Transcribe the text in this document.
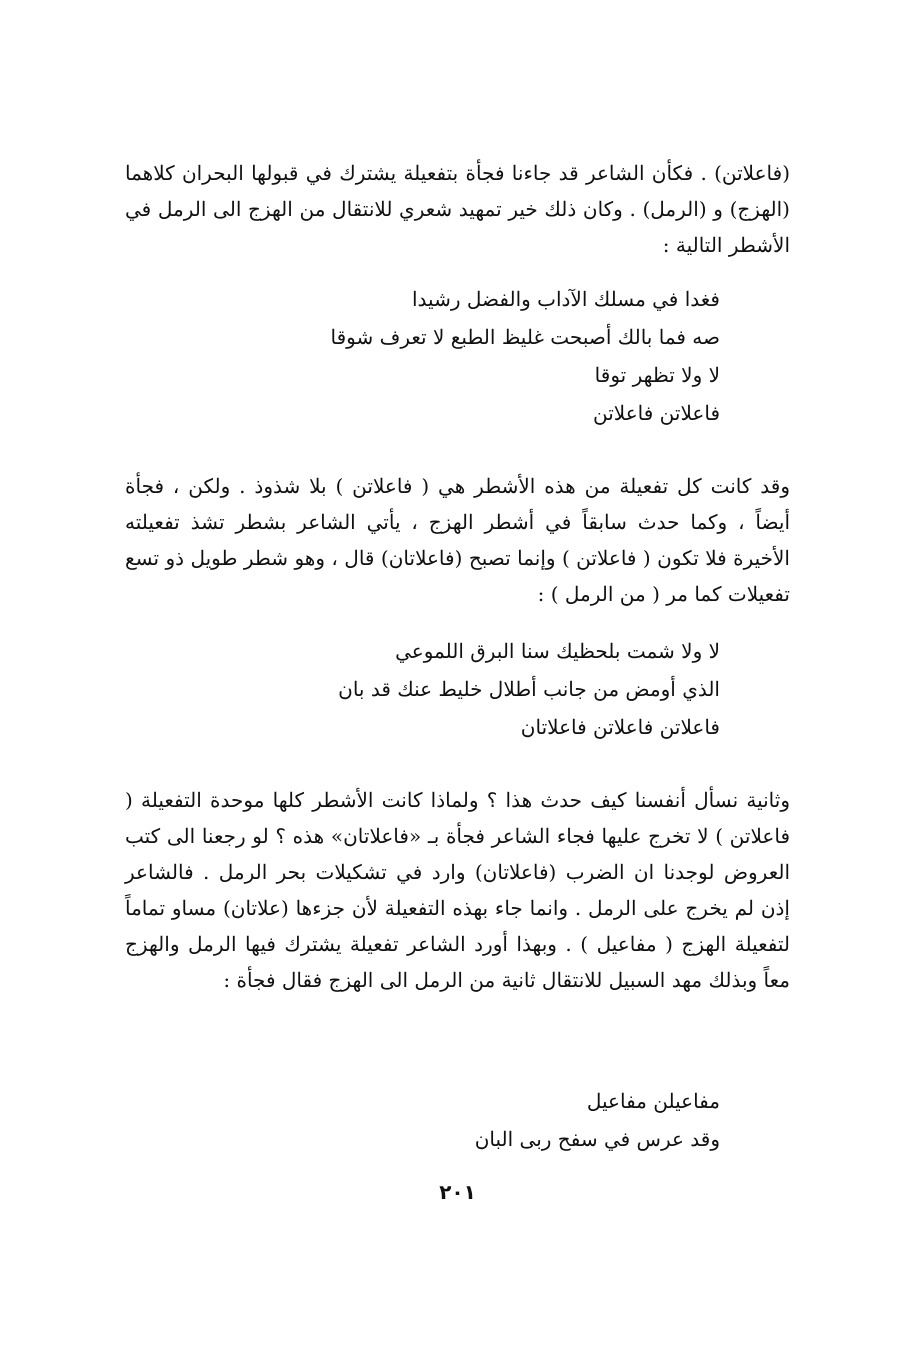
(فاعلاتن) . فكأن الشاعر قد جاءنا فجأة بتفعيلة يشترك في قبولها البحران كلاهما (الهزج) و (الرمل) . وكان ذلك خير تمهيد شعري للانتقال من الهزج الى الرمل في الأشطر التالية :

فغدا في مسلك الآداب والفضل رشيدا
صه فما بالك أصبحت غليظ الطبع لا تعرف شوقا
لا ولا تظهر توقا
فاعلاتن فاعلاتن

وقد كانت كل تفعيلة من هذه الأشطر هي ( فاعلاتن ) بلا شذوذ . ولكن ، فجأة أيضاً ، وكما حدث سابقاً في أشطر الهزج ، يأتي الشاعر بشطر تشذ تفعيلته الأخيرة فلا تكون ( فاعلاتن ) وإنما تصبح (فاعلاتان) قال ، وهو شطر طويل ذو تسع تفعيلات كما مر ( من الرمل ) :

لا ولا شمت بلحظيك سنا البرق اللموعي
الذي أومض من جانب أطلال خليط عنك قد بان
فاعلاتن فاعلاتن فاعلاتان

وثانية نسأل أنفسنا كيف حدث هذا ؟ ولماذا كانت الأشطر كلها موحدة التفعيلة ( فاعلاتن ) لا تخرج عليها فجاء الشاعر فجأة بـ «فاعلاتان» هذه ؟ لو رجعنا الى كتب العروض لوجدنا ان الضرب (فاعلاتان) وارد في تشكيلات بحر الرمل . فالشاعر إذن لم يخرج على الرمل . وانما جاء بهذه التفعيلة لأن جزءها (علاتان) مساو تماماً لتفعيلة الهزج ( مفاعيل ) . وبهذا أورد الشاعر تفعيلة يشترك فيها الرمل والهزج معاً وبذلك مهد السبيل للانتقال ثانية من الرمل الى الهزج فقال فجأة :

مفاعيلن مفاعيل
وقد عرس في سفح ربى البان
٢٠١
